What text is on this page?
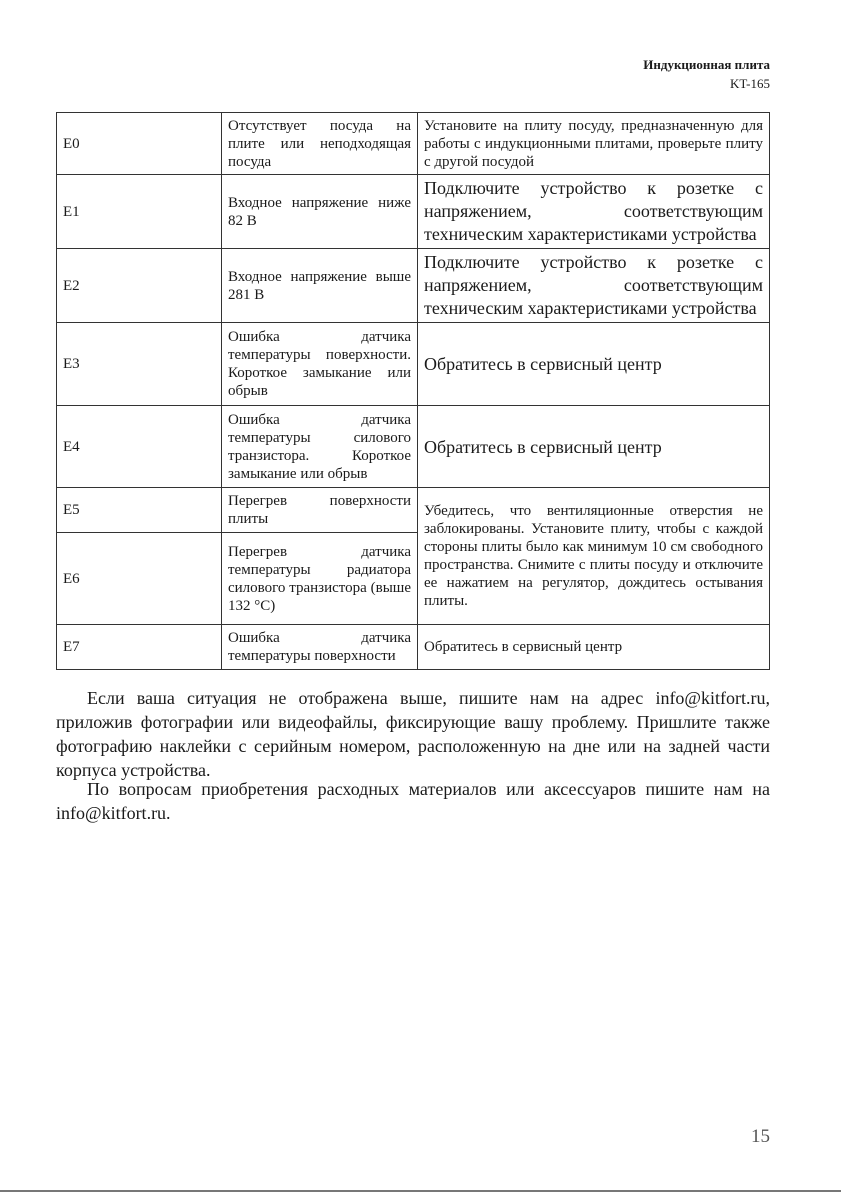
Индукционная плита
KT-165
E0	Отсутствует посуда на плите или неподходящая посуда	Установите на плиту посуду, предназначенную для работы с индукционными плитами, проверьте плиту с другой посудой
E1	Входное напряжение ниже 82 В	Подключите устройство к розетке с напряжением, соответствующим техническим характеристиками устройства
E2	Входное напряжение выше 281 В	Подключите устройство к розетке с напряжением, соответствующим техническим характеристиками устройства
E3	Ошибка датчика температуры поверхности. Короткое замыкание или обрыв	Обратитесь в сервисный центр
E4	Ошибка датчика температуры силового транзистора. Короткое замыкание или обрыв	Обратитесь в сервисный центр
E5	Перегрев поверхности плиты	Убедитесь, что вентиляционные отверстия не заблокированы. Установите плиту, чтобы с каждой стороны плиты было как минимум 10 см свободного пространства. Снимите с плиты посуду и отключите ее нажатием на регулятор, дождитесь остывания плиты.
E6	Перегрев датчика температуры радиатора силового транзистора (выше 132 °С)	
E7	Ошибка датчика температуры поверхности	Обратитесь в сервисный центр

Если ваша ситуация не отображена выше, пишите нам на адрес info@kitfort.ru, приложив фотографии или видеофайлы, фиксирующие вашу проблему. Пришлите также фотографию наклейки с серийным номером, расположенную на дне или на задней части корпуса устройства.

По вопросам приобретения расходных материалов или аксессуаров пишите нам на info@kitfort.ru.

15
